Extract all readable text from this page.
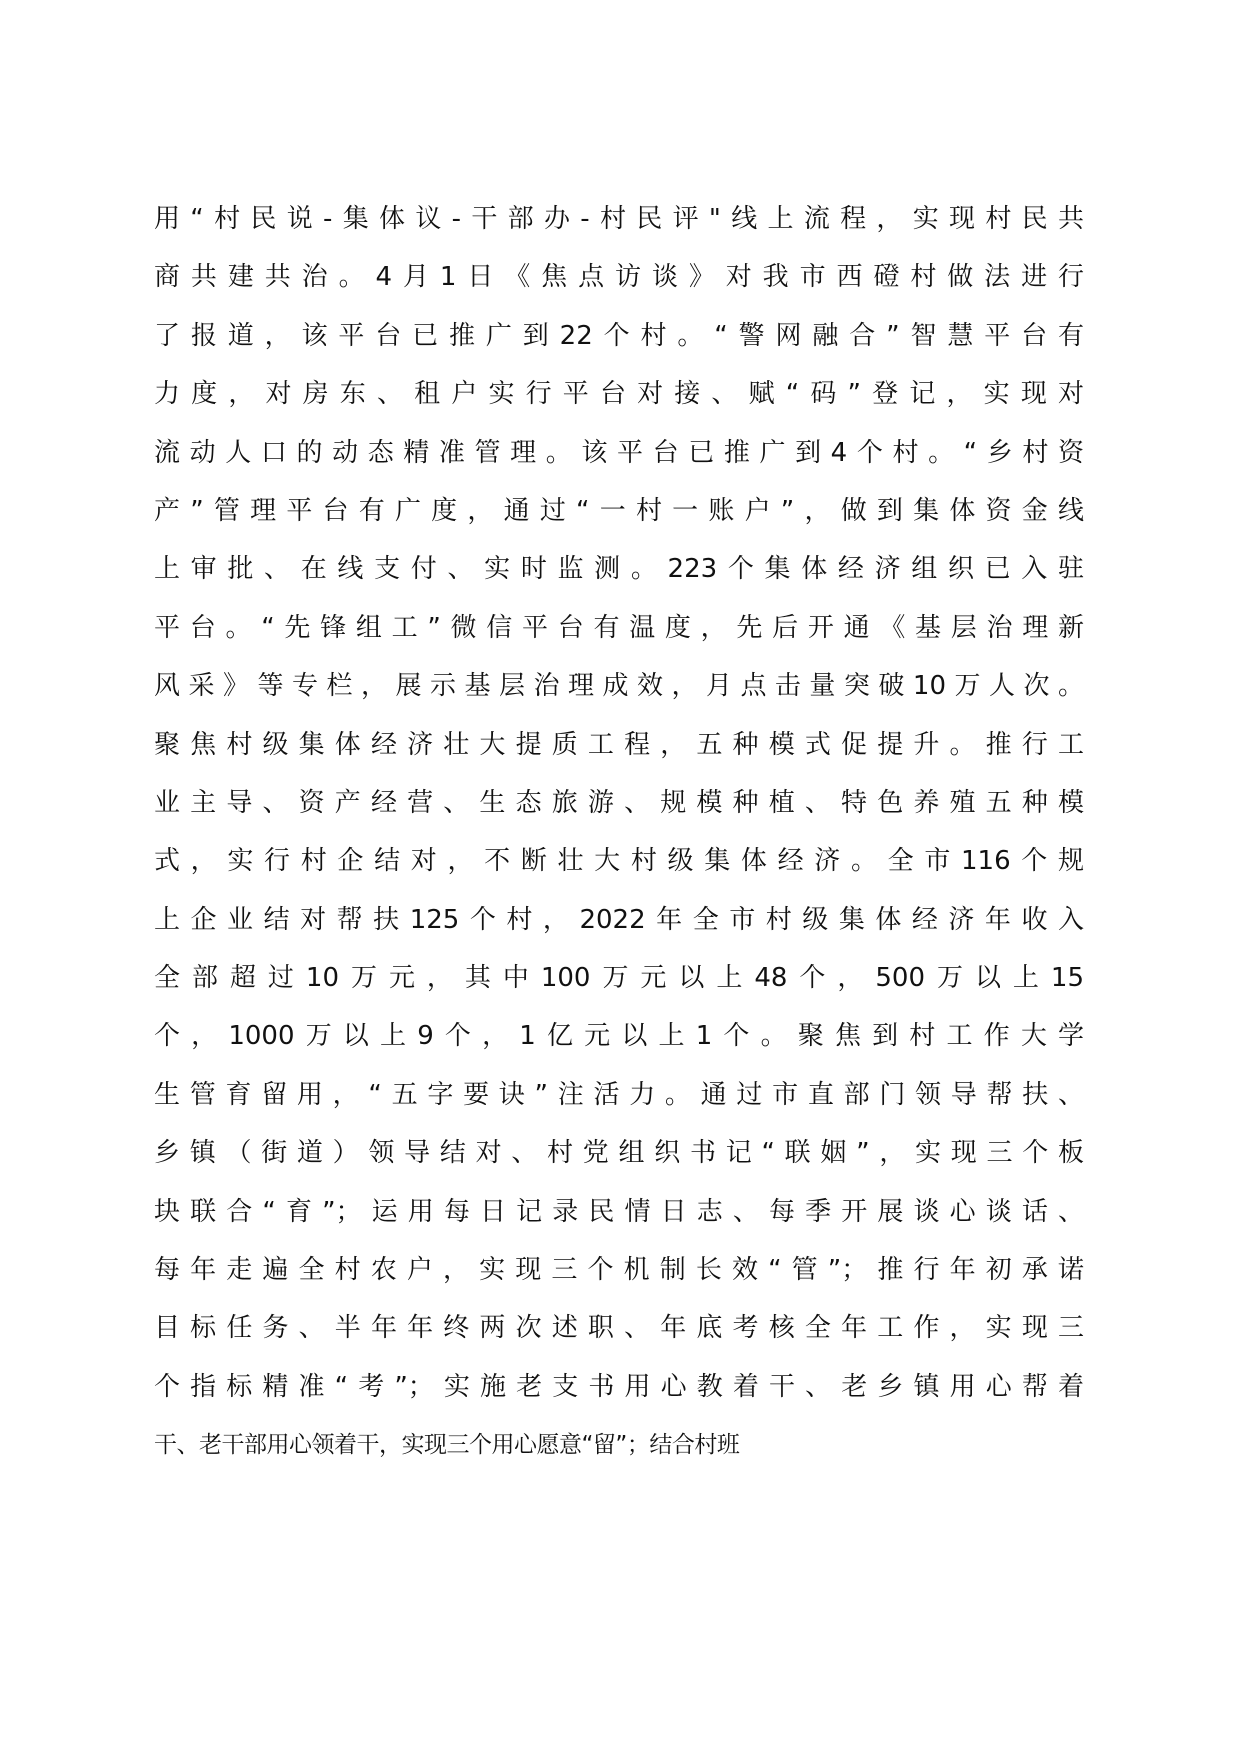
用“村民说-集体议-干部办-村民评"线上流程，实现村民共
商共建共治。4月1日《焦点访谈》对我市西磴村做法进行
了报道，该平台已推广到22个村。“警网融合”智慧平台有
力度，对房东、租户实行平台对接、赋“码”登记，实现对
流动人口的动态精准管理。该平台已推广到4个村。“乡村资
产”管理平台有广度，通过“一村一账户”，做到集体资金线
上审批、在线支付、实时监测。223个集体经济组织已入驻
平台。“先锋组工”微信平台有温度，先后开通《基层治理新
风采》等专栏，展示基层治理成效，月点击量突破10万人次。
聚焦村级集体经济壮大提质工程，五种模式促提升。推行工
业主导、资产经营、生态旅游、规模种植、特色养殖五种模
式，实行村企结对，不断壮大村级集体经济。全市116个规
上企业结对帮扶125个村，2022年全市村级集体经济年收入
全部超过10万元，其中100万元以上48个，500万以上15
个，1000万以上9个，1亿元以上1个。聚焦到村工作大学
生管育留用，“五字要诀”注活力。通过市直部门领导帮扶、
乡镇（街道）领导结对、村党组织书记“联姻”，实现三个板
块联合“育”；运用每日记录民情日志、每季开展谈心谈话、
每年走遍全村农户，实现三个机制长效“管”；推行年初承诺
目标任务、半年年终两次述职、年底考核全年工作，实现三
个指标精准“考”；实施老支书用心教着干、老乡镇用心帮着
干、老干部用心领着干，实现三个用心愿意“留”；结合村班
